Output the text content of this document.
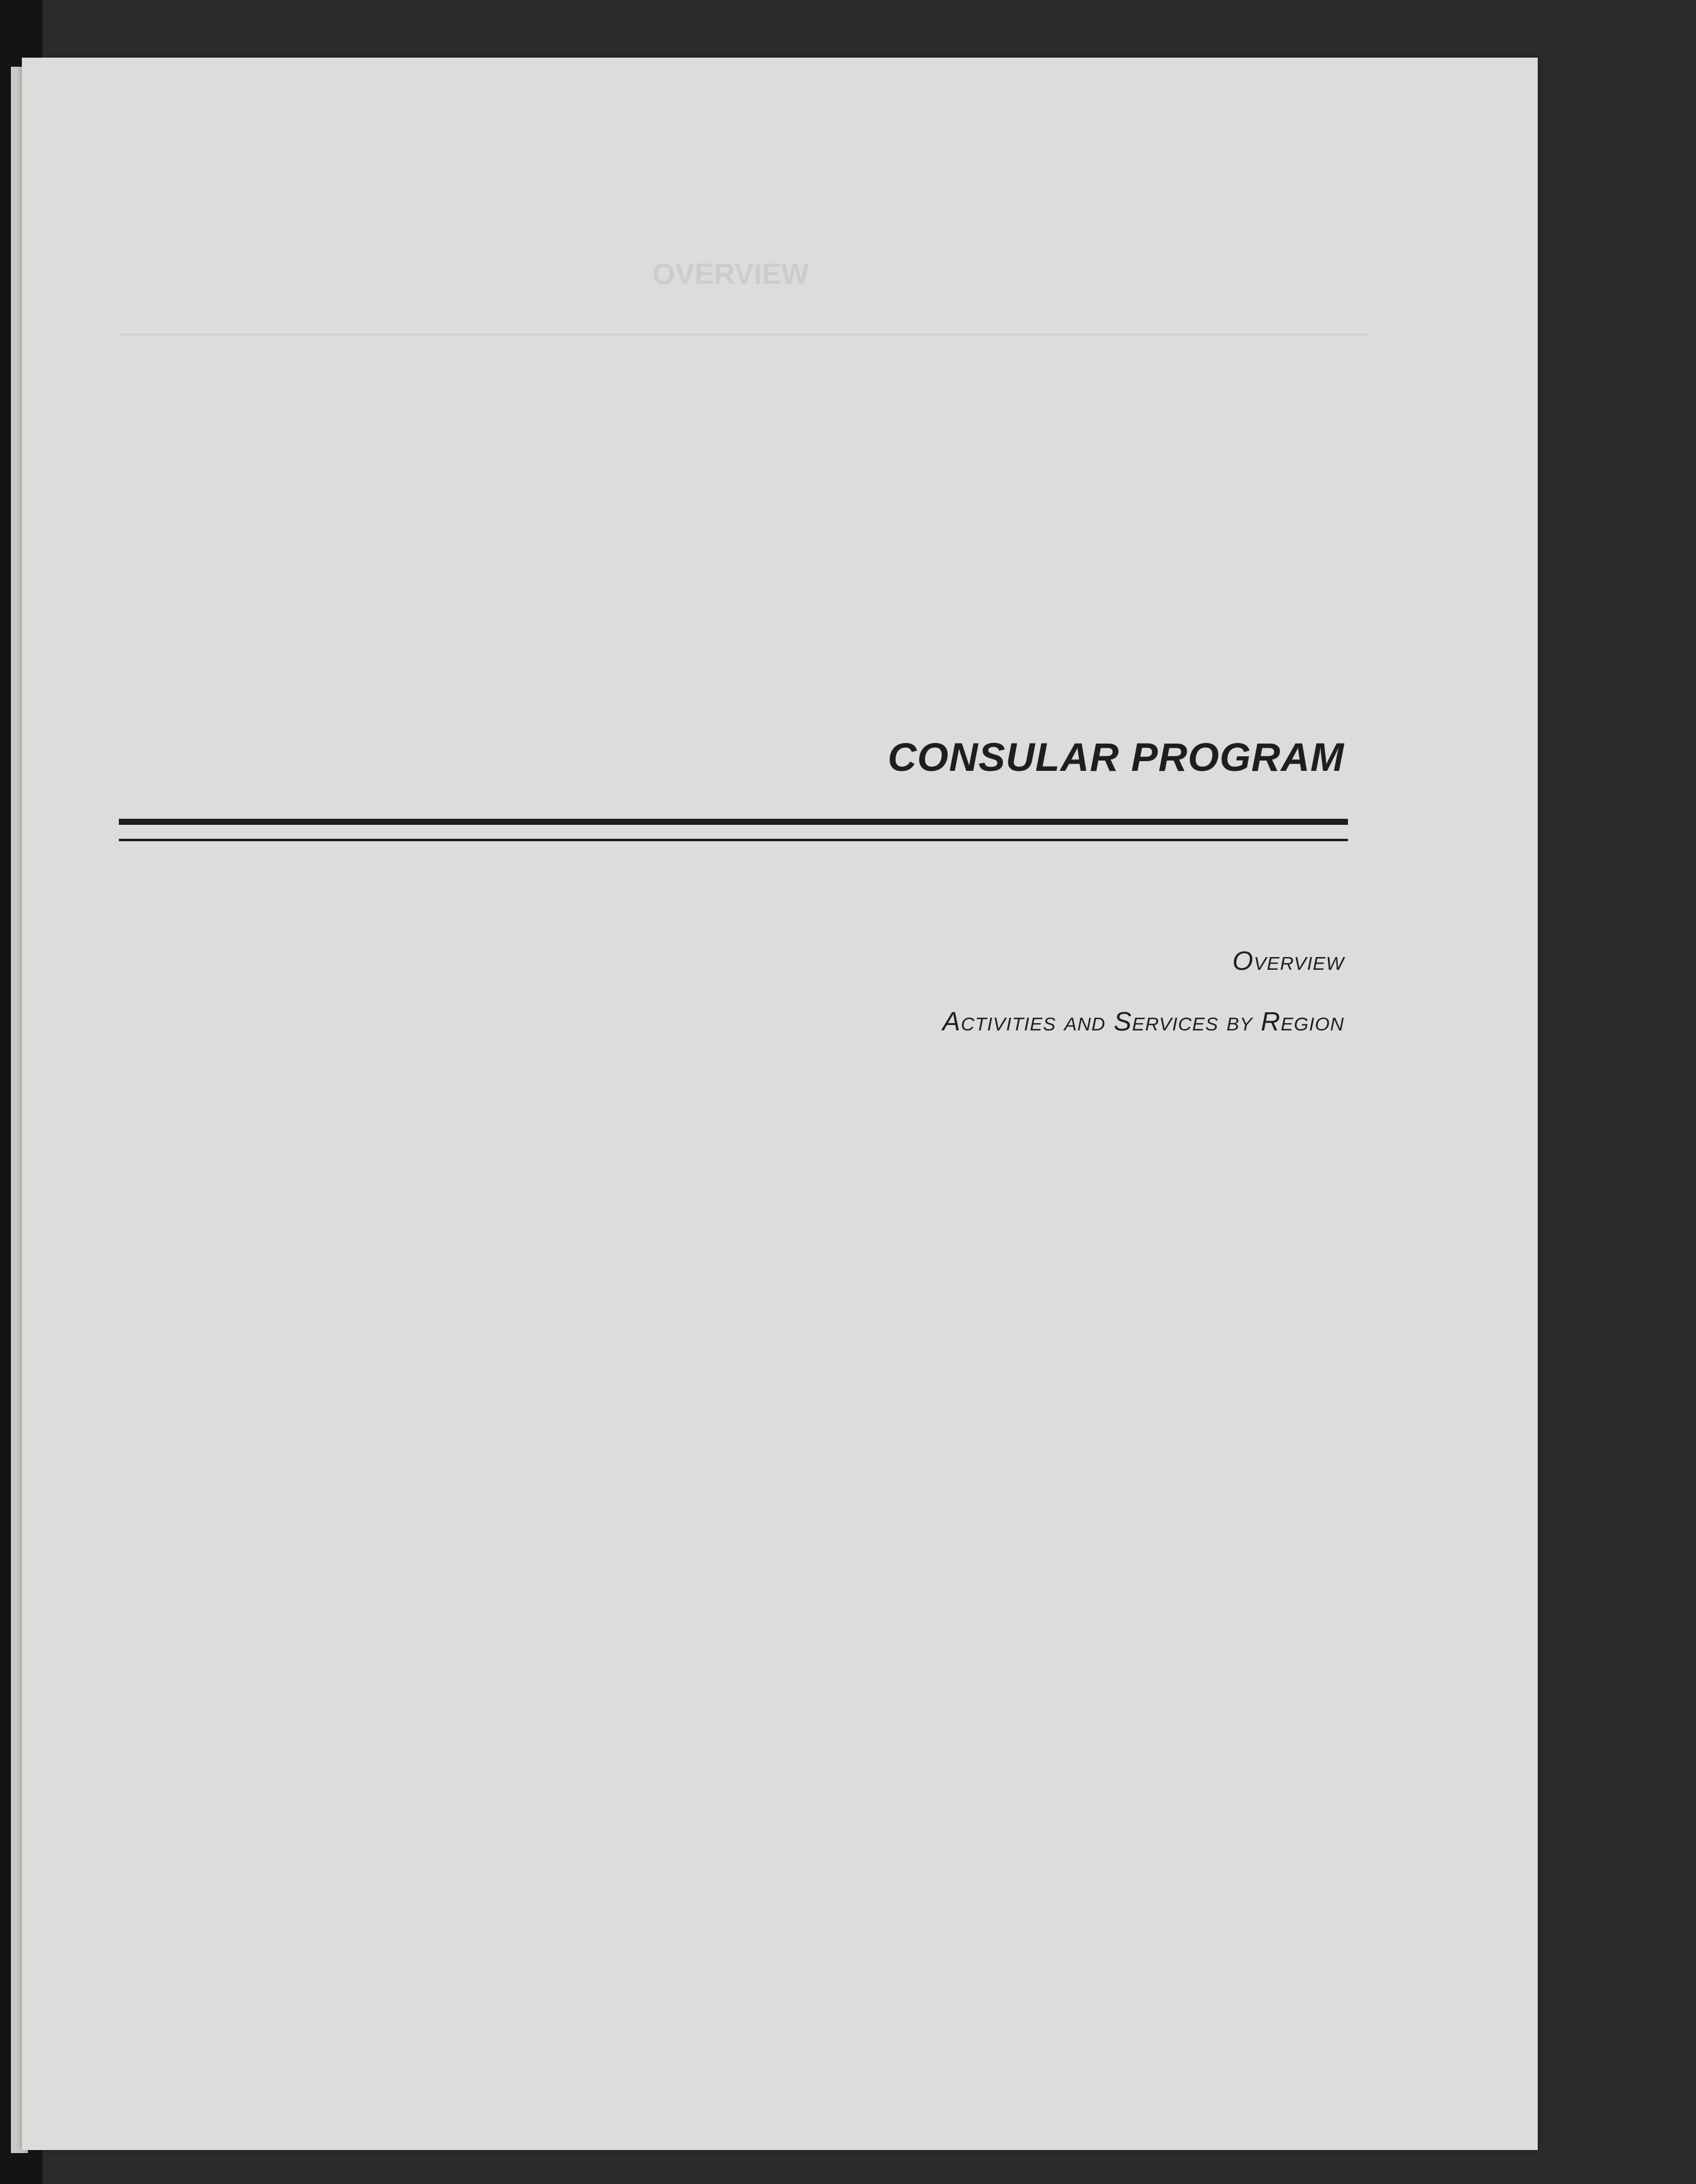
OVERVIEW
CONSULAR PROGRAM

Overview

Activities and Services by Region
